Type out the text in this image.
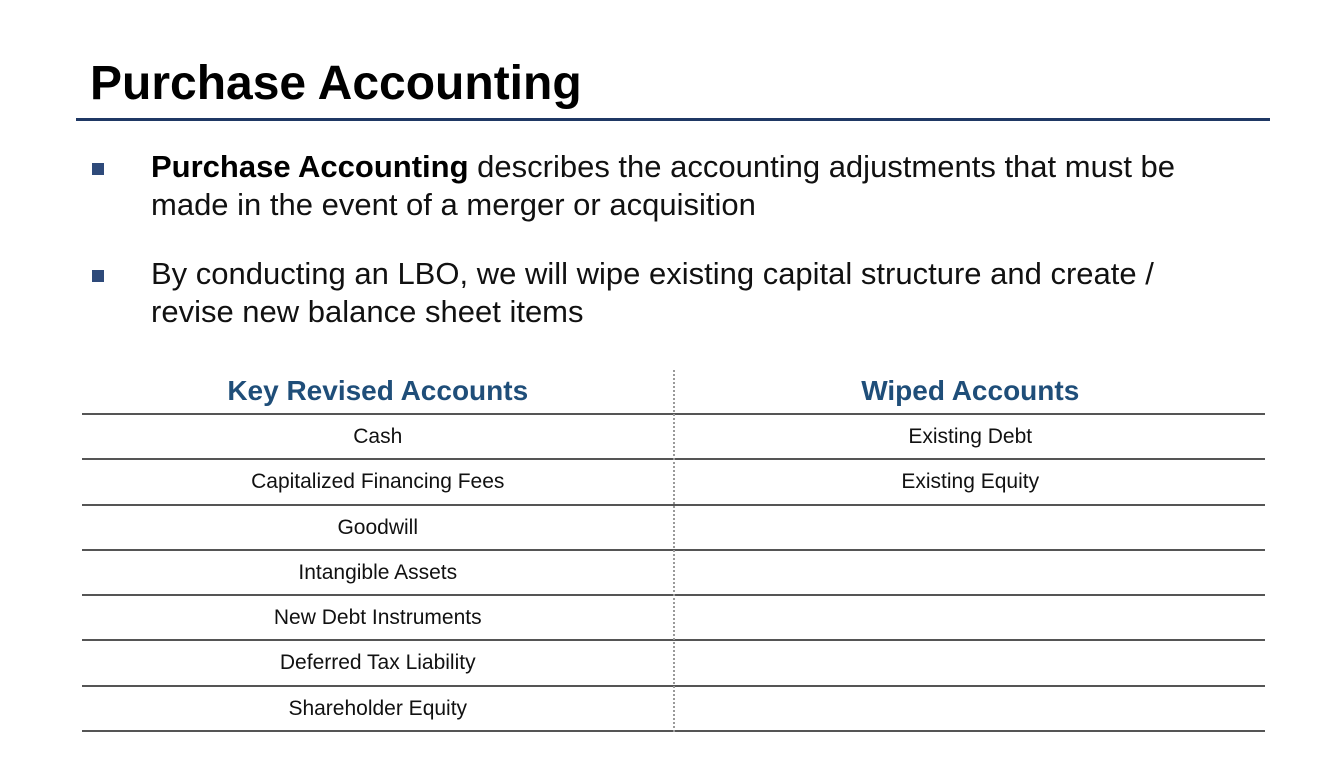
Purchase Accounting
Purchase Accounting describes the accounting adjustments that must be made in the event of a merger or acquisition
By conducting an LBO, we will wipe existing capital structure and create / revise new balance sheet items
Key Revised Accounts	Wiped Accounts
Cash	Existing Debt
Capitalized Financing Fees	Existing Equity
Goodwill
Intangible Assets
New Debt Instruments
Deferred Tax Liability
Shareholder Equity
